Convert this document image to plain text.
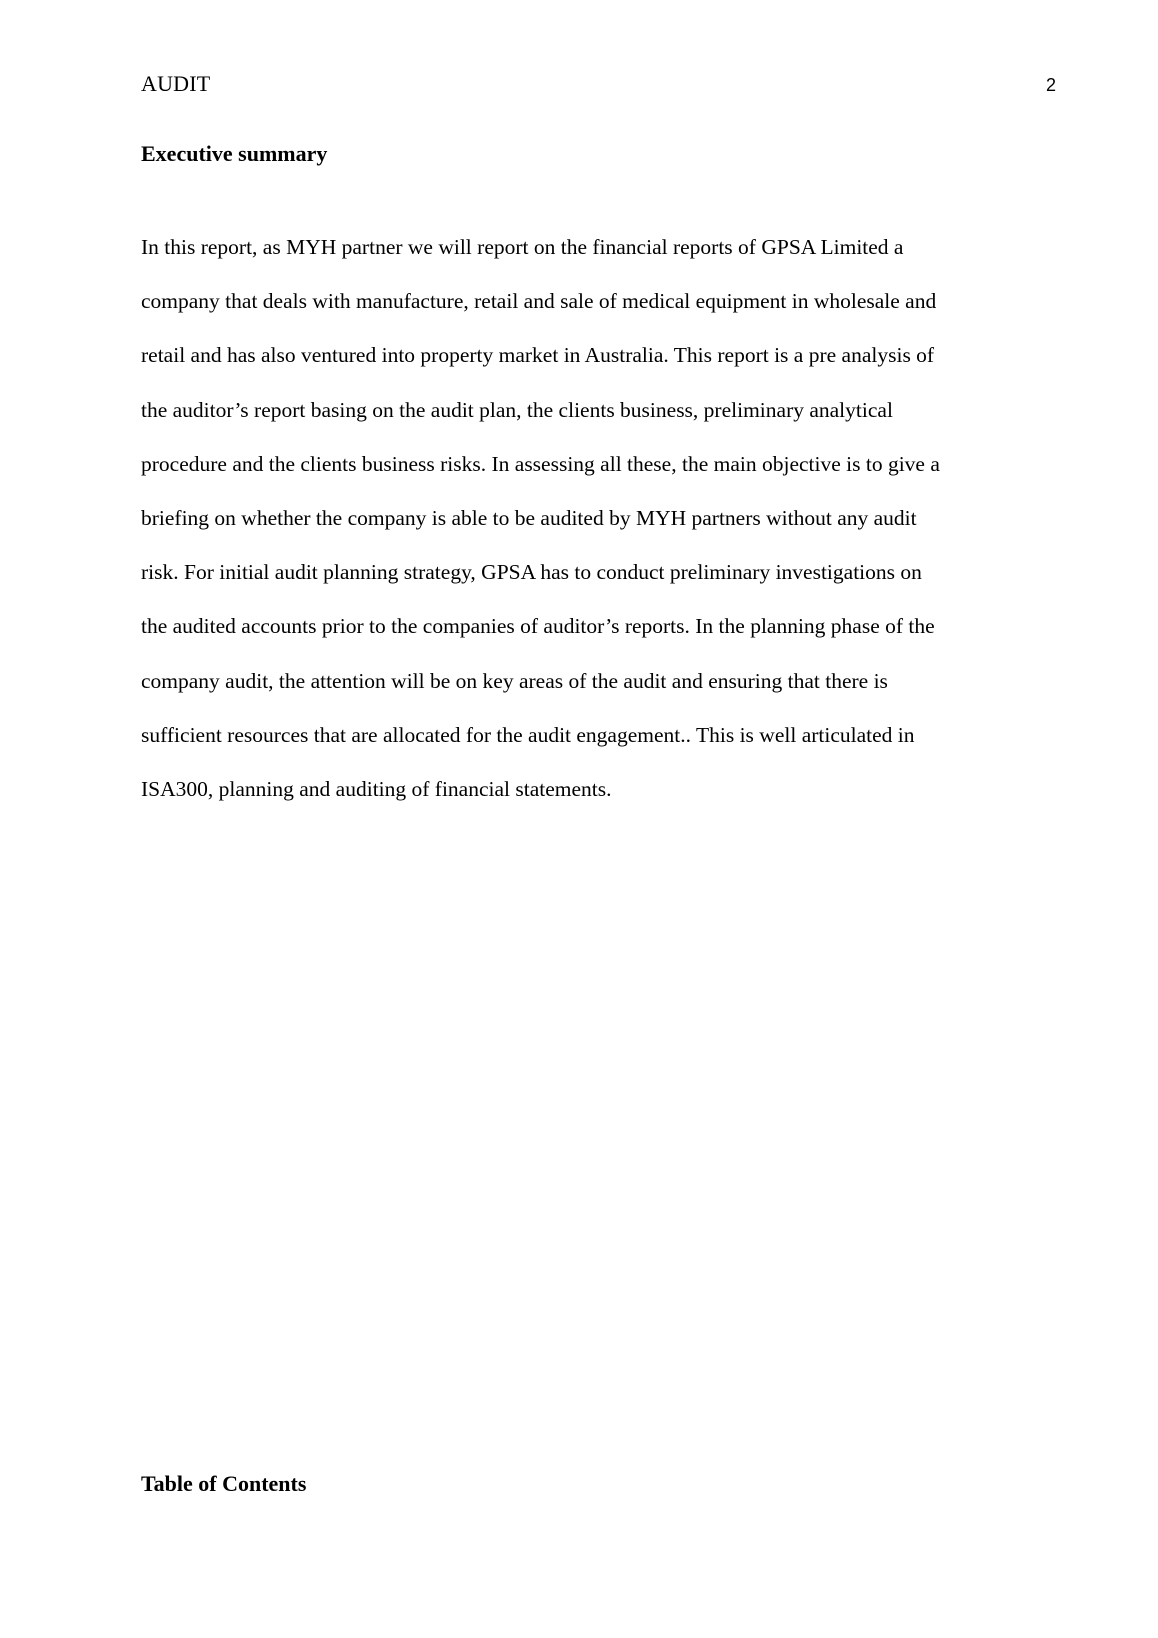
AUDIT	2
Executive summary

In this report, as MYH partner we will report on the financial reports of GPSA Limited a
company that deals with manufacture, retail and sale of medical equipment in wholesale and
retail and has also ventured into property market in Australia. This report is a pre analysis of
the auditor’s report basing on the audit plan, the clients business, preliminary analytical
procedure and the clients business risks. In assessing all these, the main objective is to give a
briefing on whether the company is able to be audited by MYH partners without any audit
risk. For initial audit planning strategy, GPSA has to conduct preliminary investigations on
the audited accounts prior to the companies of auditor’s reports. In the planning phase of the
company audit, the attention will be on key areas of the audit and ensuring that there is
sufficient resources that are allocated for the audit engagement.. This is well articulated in
ISA300, planning and auditing of financial statements.

Table of Contents
